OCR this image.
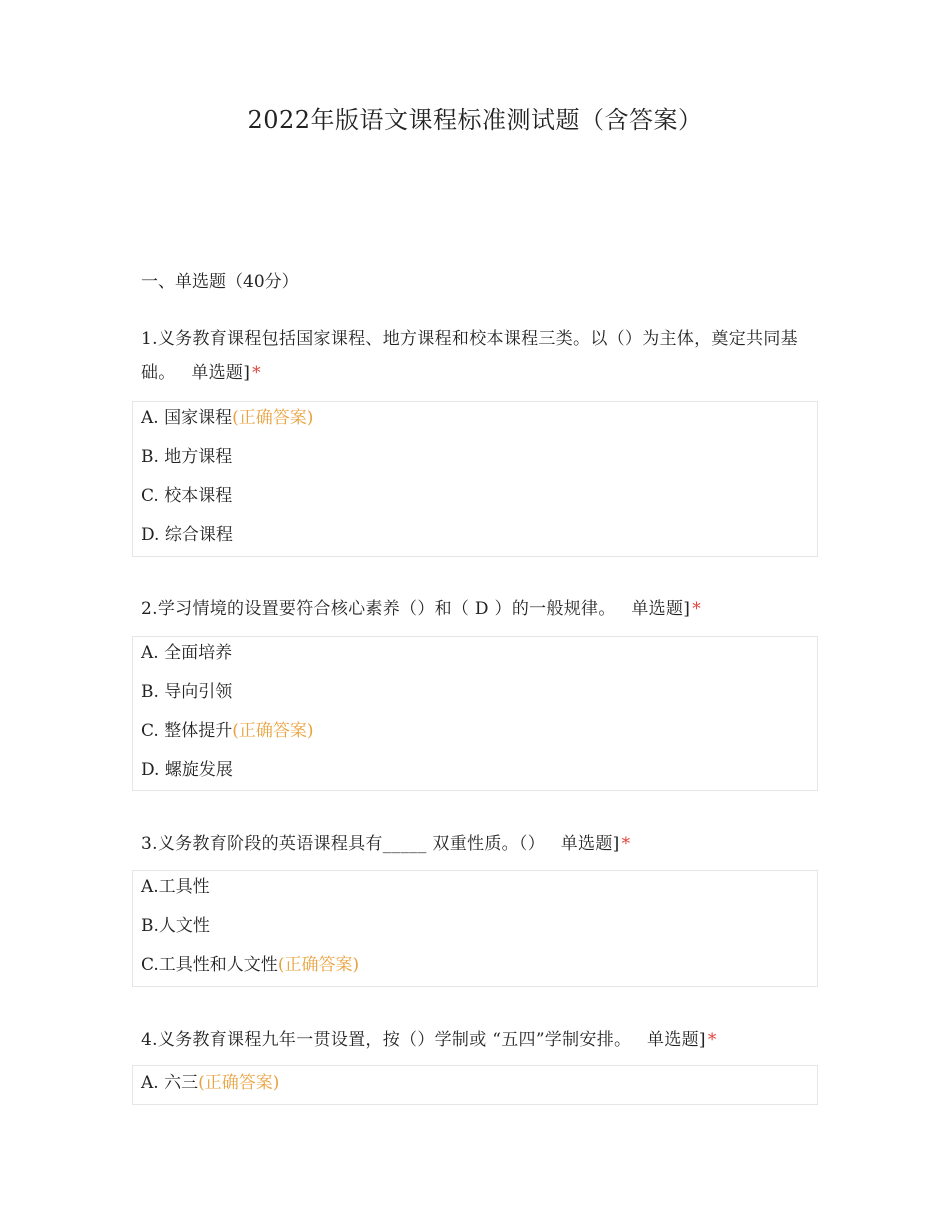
2022年版语文课程标准测试题（含答案）
一、单选题（40分）
1.义务教育课程包括国家课程、地方课程和校本课程三类。以（）为主体，奠定共同基础。 单选题] *
A. 国家课程(正确答案)
B. 地方课程
C. 校本课程
D. 综合课程
2.学习情境的设置要符合核心素养（）和（ D ）的一般规律。 单选题] *
A. 全面培养
B. 导向引领
C. 整体提升(正确答案)
D. 螺旋发展
3.义务教育阶段的英语课程具有_____ 双重性质。（） 单选题] *
A.工具性
B.人文性
C.工具性和人文性(正确答案)
4.义务教育课程九年一贯设置，按（）学制或 “五四”学制安排。 单选题] *
A. 六三(正确答案)
